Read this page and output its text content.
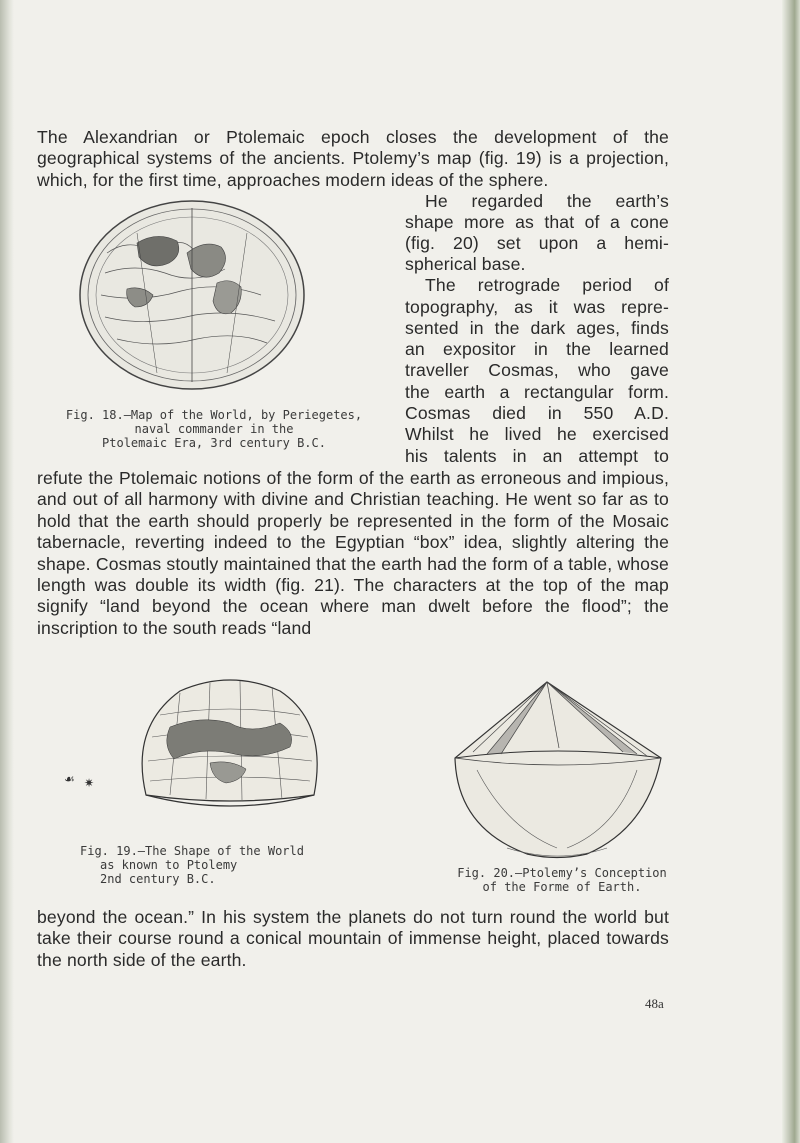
The Alexandrian or Ptolemaic epoch closes the development of the geographical systems of the ancients. Ptolemy’s map (fig. 19) is a projection, which, for the first time, approaches modern ideas of the sphere.

He regarded the earth’s
shape more as that of a cone
(fig. 20) set upon a hemi-
spherical base.
The retrograde period of
topography, as it was repre-
sented in the dark ages, finds
an expositor in the learned
traveller Cosmas, who gave
the earth a rectangular form.
Cosmas died in 550 A.D.
Whilst he lived he exercised
his talents in an attempt to
Fig. 18.—Map of the World, by Periegetes,
naval commander in the
Ptolemaic Era, 3rd century B.C.

refute the Ptolemaic notions of the form of the earth as erroneous and impious, and out of all harmony with divine and Christian teaching. He went so far as to hold that the earth should properly be represented in the form of the Mosaic tabernacle, reverting indeed to the Egyptian “box” idea, slightly altering the shape. Cosmas stoutly maintained that the earth had the form of a table, whose length was double its width (fig. 21). The characters at the top of the map signify “land beyond the ocean where man dwelt before the flood”; the inscription to the south reads “land

☙ ✷
Fig. 19.—The Shape of the World
as known to Ptolemy
2nd century B.C.	Fig. 20.—Ptolemy’s Conception
of the Forme of Earth.

beyond the ocean.” In his system the planets do not turn round the world but take their course round a conical mountain of immense height, placed towards the north side of the earth.

48a
